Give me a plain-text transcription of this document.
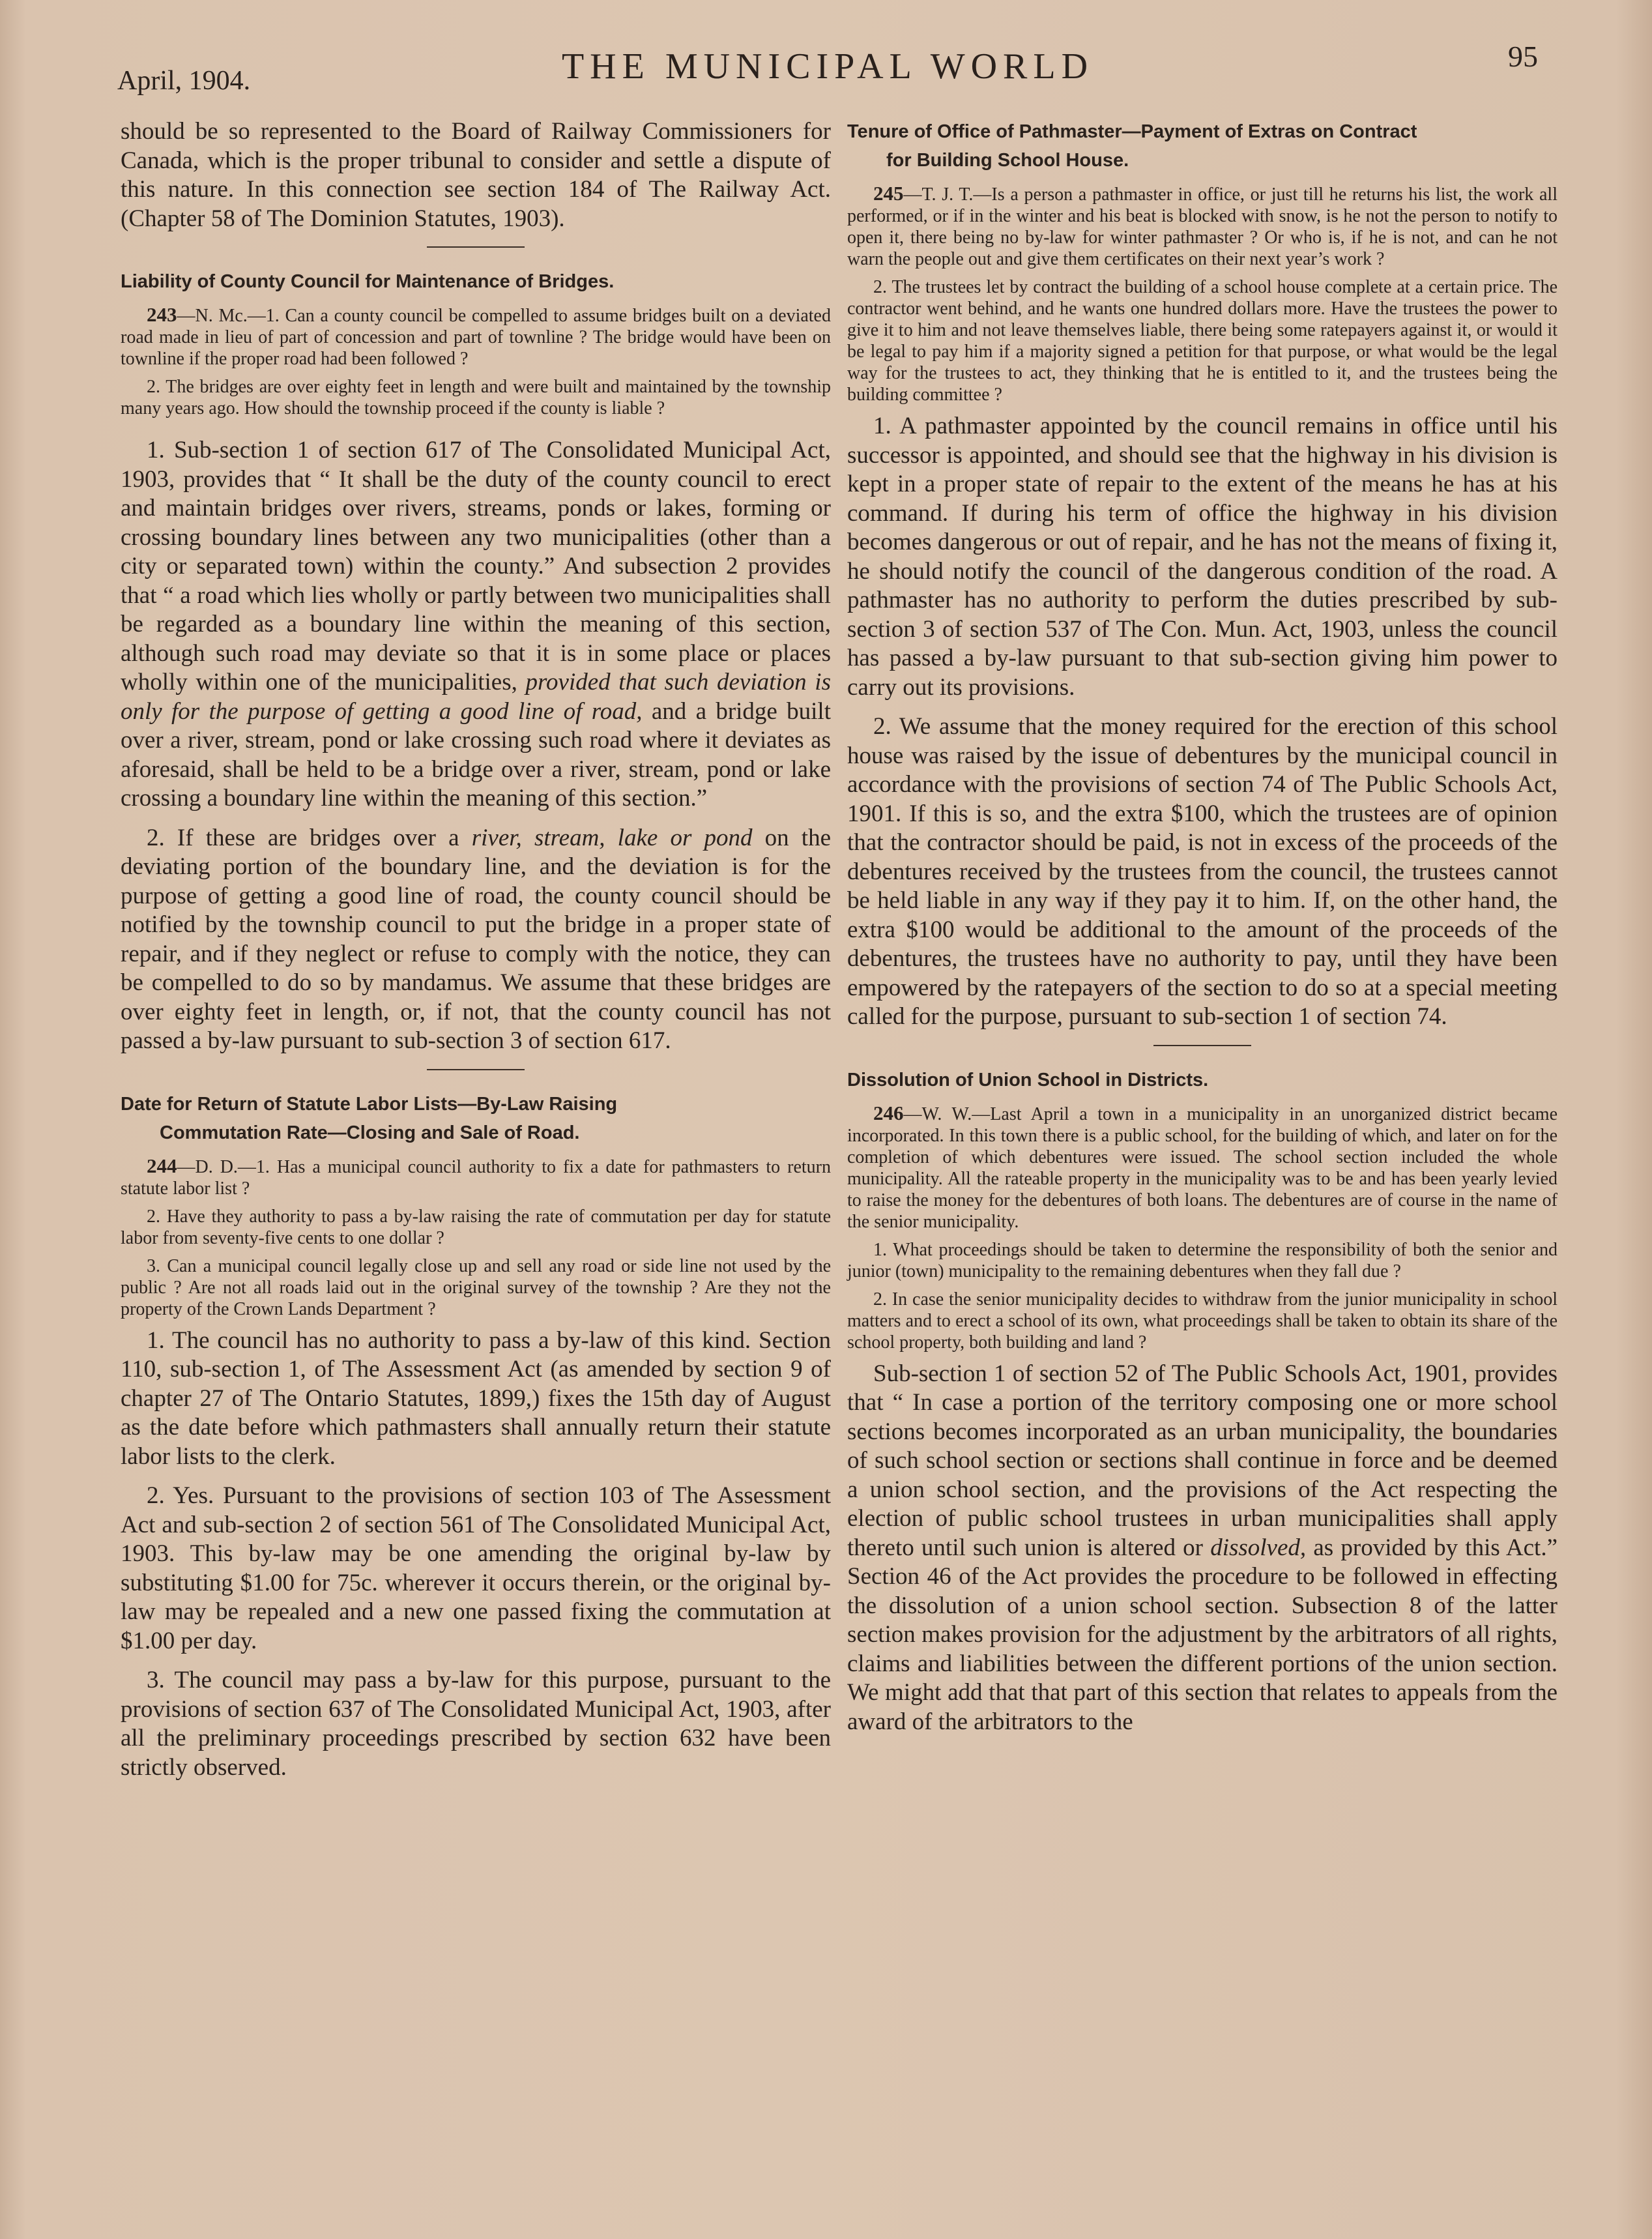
April, 1904.	THE MUNICIPAL WORLD	95

should be so represented to the Board of Railway Commissioners for Canada, which is the proper tribunal to consider and settle a dispute of this nature. In this connection see section 184 of The Railway Act. (Chapter 58 of The Dominion Statutes, 1903).

Liability of County Council for Maintenance of Bridges.

243—N. Mc.—1. Can a county council be compelled to assume bridges built on a deviated road made in lieu of part of concession and part of townline ? The bridge would have been on townline if the proper road had been followed ?

2. The bridges are over eighty feet in length and were built and maintained by the township many years ago. How should the township proceed if the county is liable ?

1. Sub-section 1 of section 617 of The Consolidated Municipal Act, 1903, provides that “ It shall be the duty of the county council to erect and maintain bridges over rivers, streams, ponds or lakes, forming or crossing boundary lines between any two municipalities (other than a city or separated town) within the county.” And subsection 2 provides that “ a road which lies wholly or partly between two municipalities shall be regarded as a boundary line within the meaning of this section, although such road may deviate so that it is in some place or places wholly within one of the municipalities, provided that such deviation is only for the purpose of getting a good line of road, and a bridge built over a river, stream, pond or lake crossing such road where it deviates as aforesaid, shall be held to be a bridge over a river, stream, pond or lake crossing a boundary line within the meaning of this section.”

2. If these are bridges over a river, stream, lake or pond on the deviating portion of the boundary line, and the deviation is for the purpose of getting a good line of road, the county council should be notified by the township council to put the bridge in a proper state of repair, and if they neglect or refuse to comply with the notice, they can be compelled to do so by mandamus. We assume that these bridges are over eighty feet in length, or, if not, that the county council has not passed a by-law pursuant to sub-section 3 of section 617.

Date for Return of Statute Labor Lists—By-Law Raising
Commutation Rate—Closing and Sale of Road.

244—D. D.—1. Has a municipal council authority to fix a date for pathmasters to return statute labor list ?

2. Have they authority to pass a by-law raising the rate of commutation per day for statute labor from seventy-five cents to one dollar ?

3. Can a municipal council legally close up and sell any road or side line not used by the public ? Are not all roads laid out in the original survey of the township ? Are they not the property of the Crown Lands Department ?

1. The council has no authority to pass a by-law of this kind. Section 110, sub-section 1, of The Assessment Act (as amended by section 9 of chapter 27 of The Ontario Statutes, 1899,) fixes the 15th day of August as the date before which pathmasters shall annually return their statute labor lists to the clerk.

2. Yes. Pursuant to the provisions of section 103 of The Assessment Act and sub-section 2 of section 561 of The Consolidated Municipal Act, 1903. This by-law may be one amending the original by-law by substituting $1.00 for 75c. wherever it occurs therein, or the original by-law may be repealed and a new one passed fixing the commutation at $1.00 per day.

3. The council may pass a by-law for this purpose, pursuant to the provisions of section 637 of The Consolidated Municipal Act, 1903, after all the preliminary proceedings prescribed by section 632 have been strictly observed.

Tenure of Office of Pathmaster—Payment of Extras on Contract
for Building School House.

245—T. J. T.—Is a person a pathmaster in office, or just till he returns his list, the work all performed, or if in the winter and his beat is blocked with snow, is he not the person to notify to open it, there being no by-law for winter pathmaster ? Or who is, if he is not, and can he not warn the people out and give them certificates on their next year’s work ?

2. The trustees let by contract the building of a school house complete at a certain price. The contractor went behind, and he wants one hundred dollars more. Have the trustees the power to give it to him and not leave themselves liable, there being some ratepayers against it, or would it be legal to pay him if a majority signed a petition for that purpose, or what would be the legal way for the trustees to act, they thinking that he is entitled to it, and the trustees being the building committee ?

1. A pathmaster appointed by the council remains in office until his successor is appointed, and should see that the highway in his division is kept in a proper state of repair to the extent of the means he has at his command. If during his term of office the highway in his division becomes dangerous or out of repair, and he has not the means of fixing it, he should notify the council of the dangerous condition of the road. A pathmaster has no authority to perform the duties prescribed by sub-section 3 of section 537 of The Con. Mun. Act, 1903, unless the council has passed a by-law pursuant to that sub-section giving him power to carry out its provisions.

2. We assume that the money required for the erection of this school house was raised by the issue of debentures by the municipal council in accordance with the provisions of section 74 of The Public Schools Act, 1901. If this is so, and the extra $100, which the trustees are of opinion that the contractor should be paid, is not in excess of the proceeds of the debentures received by the trustees from the council, the trustees cannot be held liable in any way if they pay it to him. If, on the other hand, the extra $100 would be additional to the amount of the proceeds of the debentures, the trustees have no authority to pay, until they have been empowered by the ratepayers of the section to do so at a special meeting called for the purpose, pursuant to sub-section 1 of section 74.

Dissolution of Union School in Districts.

246—W. W.—Last April a town in a municipality in an unorganized district became incorporated. In this town there is a public school, for the building of which, and later on for the completion of which debentures were issued. The school section included the whole municipality. All the rateable property in the municipality was to be and has been yearly levied to raise the money for the debentures of both loans. The debentures are of course in the name of the senior municipality.

1. What proceedings should be taken to determine the responsibility of both the senior and junior (town) municipality to the remaining debentures when they fall due ?

2. In case the senior municipality decides to withdraw from the junior municipality in school matters and to erect a school of its own, what proceedings shall be taken to obtain its share of the school property, both building and land ?

Sub-section 1 of section 52 of The Public Schools Act, 1901, provides that “ In case a portion of the territory composing one or more school sections becomes incorporated as an urban municipality, the boundaries of such school section or sections shall continue in force and be deemed a union school section, and the provisions of the Act respecting the election of public school trustees in urban municipalities shall apply thereto until such union is altered or dissolved, as provided by this Act.” Section 46 of the Act provides the procedure to be followed in effecting the dissolution of a union school section. Subsection 8 of the latter section makes provision for the adjustment by the arbitrators of all rights, claims and liabilities between the different portions of the union section. We might add that that part of this section that relates to appeals from the award of the arbitrators to the
